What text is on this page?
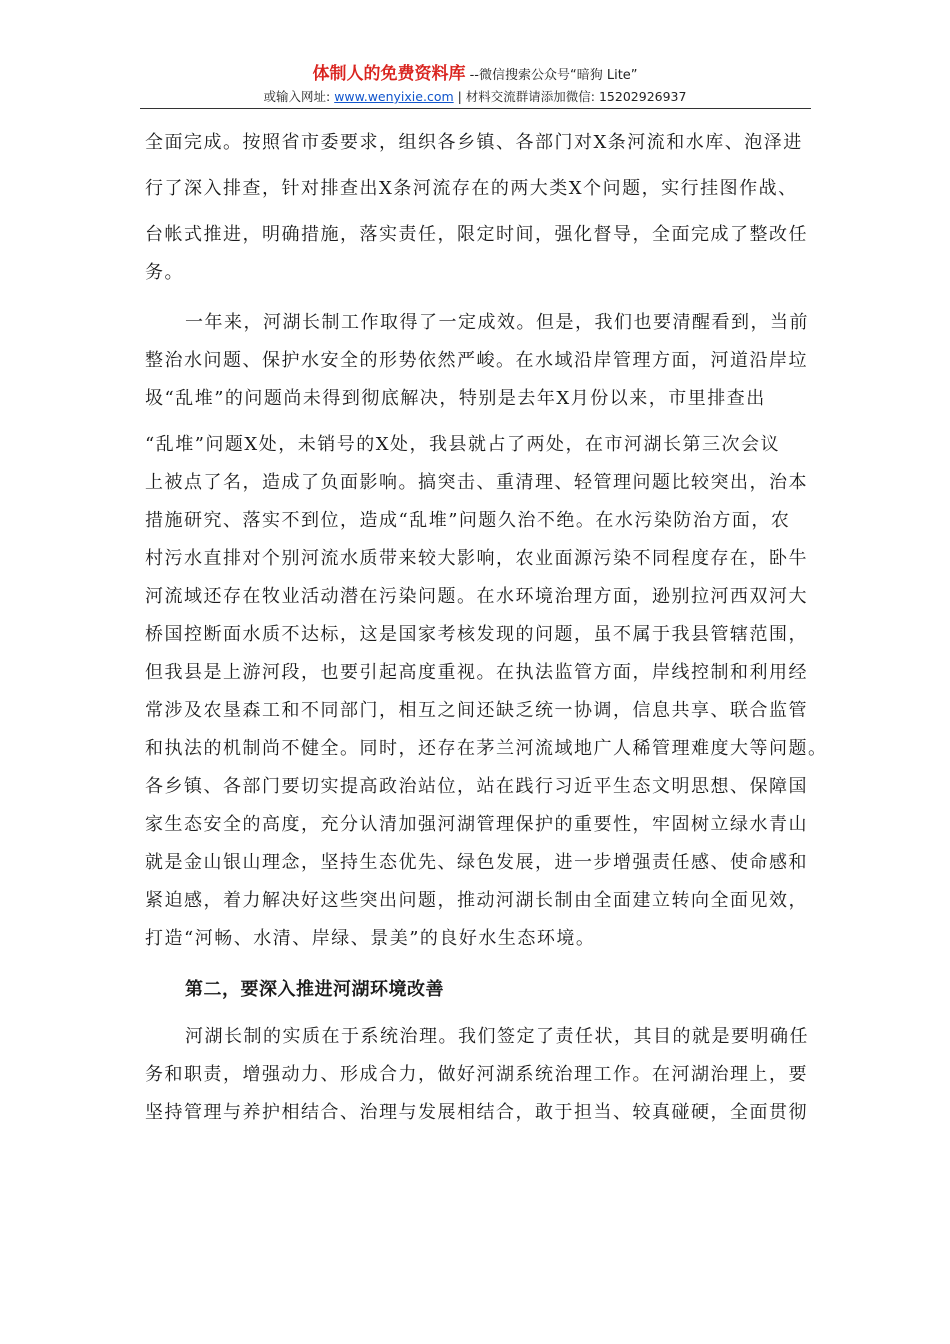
体制人的免费资料库 --微信搜索公众号“暗狗 Lite”
或输入网址: www.wenyixie.com | 材料交流群请添加微信: 15202926937
全面完成。按照省市委要求，组织各乡镇、各部门对X条河流和水库、泡泽进
行了深入排查，针对排查出X条河流存在的两大类X个问题，实行挂图作战、
台帐式推进，明确措施，落实责任，限定时间，强化督导，全面完成了整改任
务。
一年来，河湖长制工作取得了一定成效。但是，我们也要清醒看到，当前
整治水问题、保护水安全的形势依然严峻。在水域沿岸管理方面，河道沿岸垃
圾“乱堆”的问题尚未得到彻底解决，特别是去年X月份以来，市里排查出
“乱堆”问题X处，未销号的X处，我县就占了两处，在市河湖长第三次会议
上被点了名，造成了负面影响。搞突击、重清理、轻管理问题比较突出，治本
措施研究、落实不到位，造成“乱堆”问题久治不绝。在水污染防治方面，农
村污水直排对个别河流水质带来较大影响，农业面源污染不同程度存在，卧牛
河流域还存在牧业活动潜在污染问题。在水环境治理方面，逊别拉河西双河大
桥国控断面水质不达标，这是国家考核发现的问题，虽不属于我县管辖范围，
但我县是上游河段，也要引起高度重视。在执法监管方面，岸线控制和利用经
常涉及农垦森工和不同部门，相互之间还缺乏统一协调，信息共享、联合监管
和执法的机制尚不健全。同时，还存在茅兰河流域地广人稀管理难度大等问题。
各乡镇、各部门要切实提高政治站位，站在践行习近平生态文明思想、保障国
家生态安全的高度，充分认清加强河湖管理保护的重要性，牢固树立绿水青山
就是金山银山理念，坚持生态优先、绿色发展，进一步增强责任感、使命感和
紧迫感，着力解决好这些突出问题，推动河湖长制由全面建立转向全面见效，
打造“河畅、水清、岸绿、景美”的良好水生态环境。
第二，要深入推进河湖环境改善
河湖长制的实质在于系统治理。我们签定了责任状，其目的就是要明确任
务和职责，增强动力、形成合力，做好河湖系统治理工作。在河湖治理上，要
坚持管理与养护相结合、治理与发展相结合，敢于担当、较真碰硬，全面贯彻
